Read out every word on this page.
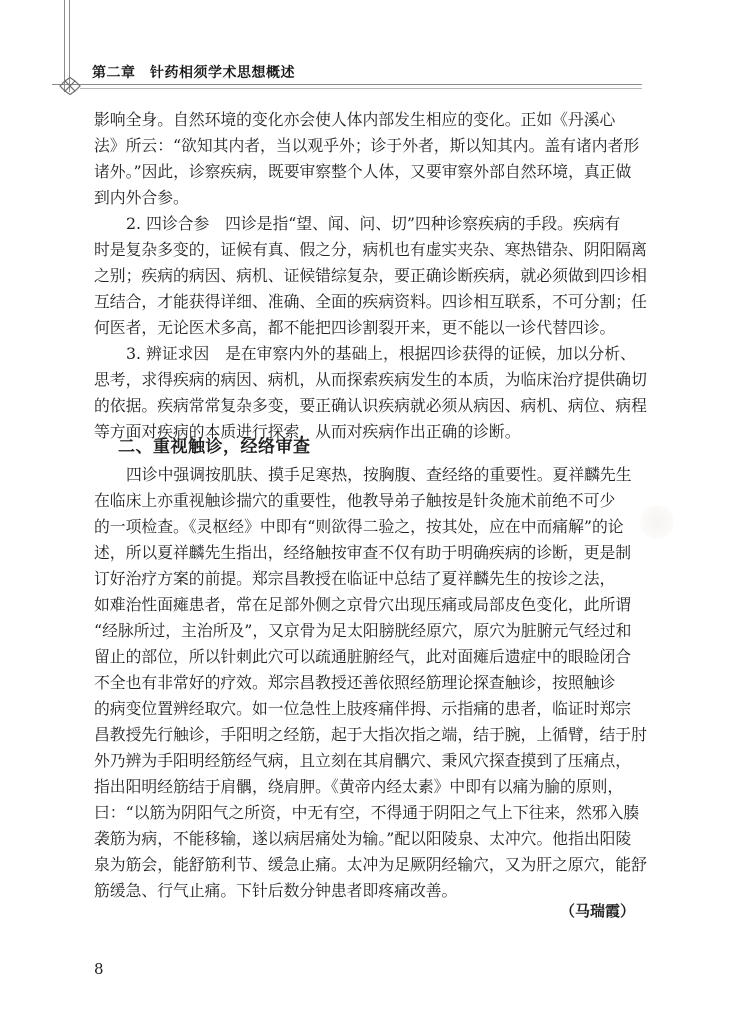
第二章　针药相须学术思想概述
影响全身。自然环境的变化亦会使人体内部发生相应的变化。正如《丹溪心
法》所云：“欲知其内者，当以观乎外；诊于外者，斯以知其内。盖有诸内者形
诸外。”因此，诊察疾病，既要审察整个人体，又要审察外部自然环境，真正做
到内外合参。
2. 四诊合参　四诊是指“望、闻、问、切”四种诊察疾病的手段。疾病有
时是复杂多变的，证候有真、假之分，病机也有虚实夹杂、寒热错杂、阴阳隔离
之别；疾病的病因、病机、证候错综复杂，要正确诊断疾病，就必须做到四诊相
互结合，才能获得详细、准确、全面的疾病资料。四诊相互联系，不可分割；任
何医者，无论医术多高，都不能把四诊割裂开来，更不能以一诊代替四诊。
3. 辨证求因　是在审察内外的基础上，根据四诊获得的证候，加以分析、
思考，求得疾病的病因、病机，从而探索疾病发生的本质，为临床治疗提供确切
的依据。疾病常常复杂多变，要正确认识疾病就必须从病因、病机、病位、病程
等方面对疾病的本质进行探索，从而对疾病作出正确的诊断。
二、重视触诊，经络审查
四诊中强调按肌肤、摸手足寒热，按胸腹、查经络的重要性。夏祥麟先生
在临床上亦重视触诊揣穴的重要性，他教导弟子触按是针灸施术前绝不可少
的一项检查。《灵枢经》中即有“则欲得二验之，按其处，应在中而痛解”的论
述，所以夏祥麟先生指出，经络触按审查不仅有助于明确疾病的诊断，更是制
订好治疗方案的前提。郑宗昌教授在临证中总结了夏祥麟先生的按诊之法，
如难治性面瘫患者，常在足部外侧之京骨穴出现压痛或局部皮色变化，此所谓
“经脉所过，主治所及”，又京骨为足太阳膀胱经原穴，原穴为脏腑元气经过和
留止的部位，所以针刺此穴可以疏通脏腑经气，此对面瘫后遗症中的眼睑闭合
不全也有非常好的疗效。郑宗昌教授还善依照经筋理论探查触诊，按照触诊
的病变位置辨经取穴。如一位急性上肢疼痛伴拇、示指痛的患者，临证时郑宗
昌教授先行触诊，手阳明之经筋，起于大指次指之端，结于腕，上循臂，结于肘
外乃辨为手阳明经筋经气病，且立刻在其肩髃穴、秉风穴探查摸到了压痛点，
指出阳明经筋结于肩髃，绕肩胛。《黄帝内经太素》中即有以痛为腧的原则，
曰：“以筋为阴阳气之所资，中无有空，不得通于阴阳之气上下往来，然邪入腠
袭筋为病，不能移输，遂以病居痛处为输。”配以阳陵泉、太冲穴。他指出阳陵
泉为筋会，能舒筋利节、缓急止痛。太冲为足厥阴经输穴，又为肝之原穴，能舒
筋缓急、行气止痛。下针后数分钟患者即疼痛改善。
（马瑞霞）
8
